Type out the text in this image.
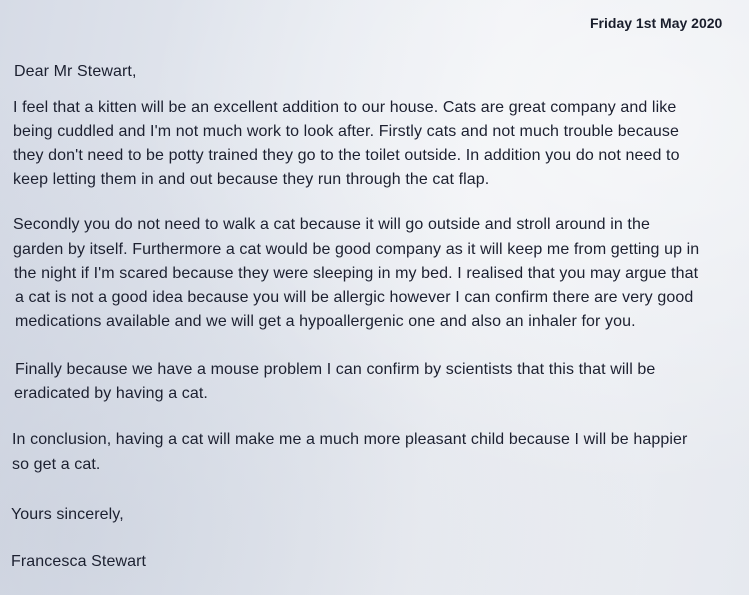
Friday 1st May 2020
Dear Mr Stewart,
I feel that a kitten will be an excellent addition to our house. Cats are great company and like
being cuddled and I'm not much work to look after. Firstly cats and not much trouble because
they don't need to be potty trained they go to the toilet outside. In addition you do not need to
keep letting them in and out because they run through the cat flap.
Secondly you do not need to walk a cat because it will go outside and stroll around in the
garden by itself. Furthermore a cat would be good company as it will keep me from getting up in
the night if I'm scared because they were sleeping in my bed. I realised that you may argue that
a cat is not a good idea because you will be allergic however I can confirm there are very good
medications available and we will get a hypoallergenic one and also an inhaler for you.
Finally because we have a mouse problem I can confirm by scientists that this that will be
eradicated by having a cat.
In conclusion, having a cat will make me a much more pleasant child because I will be happier
so get a cat.
Yours sincerely,
Francesca Stewart
